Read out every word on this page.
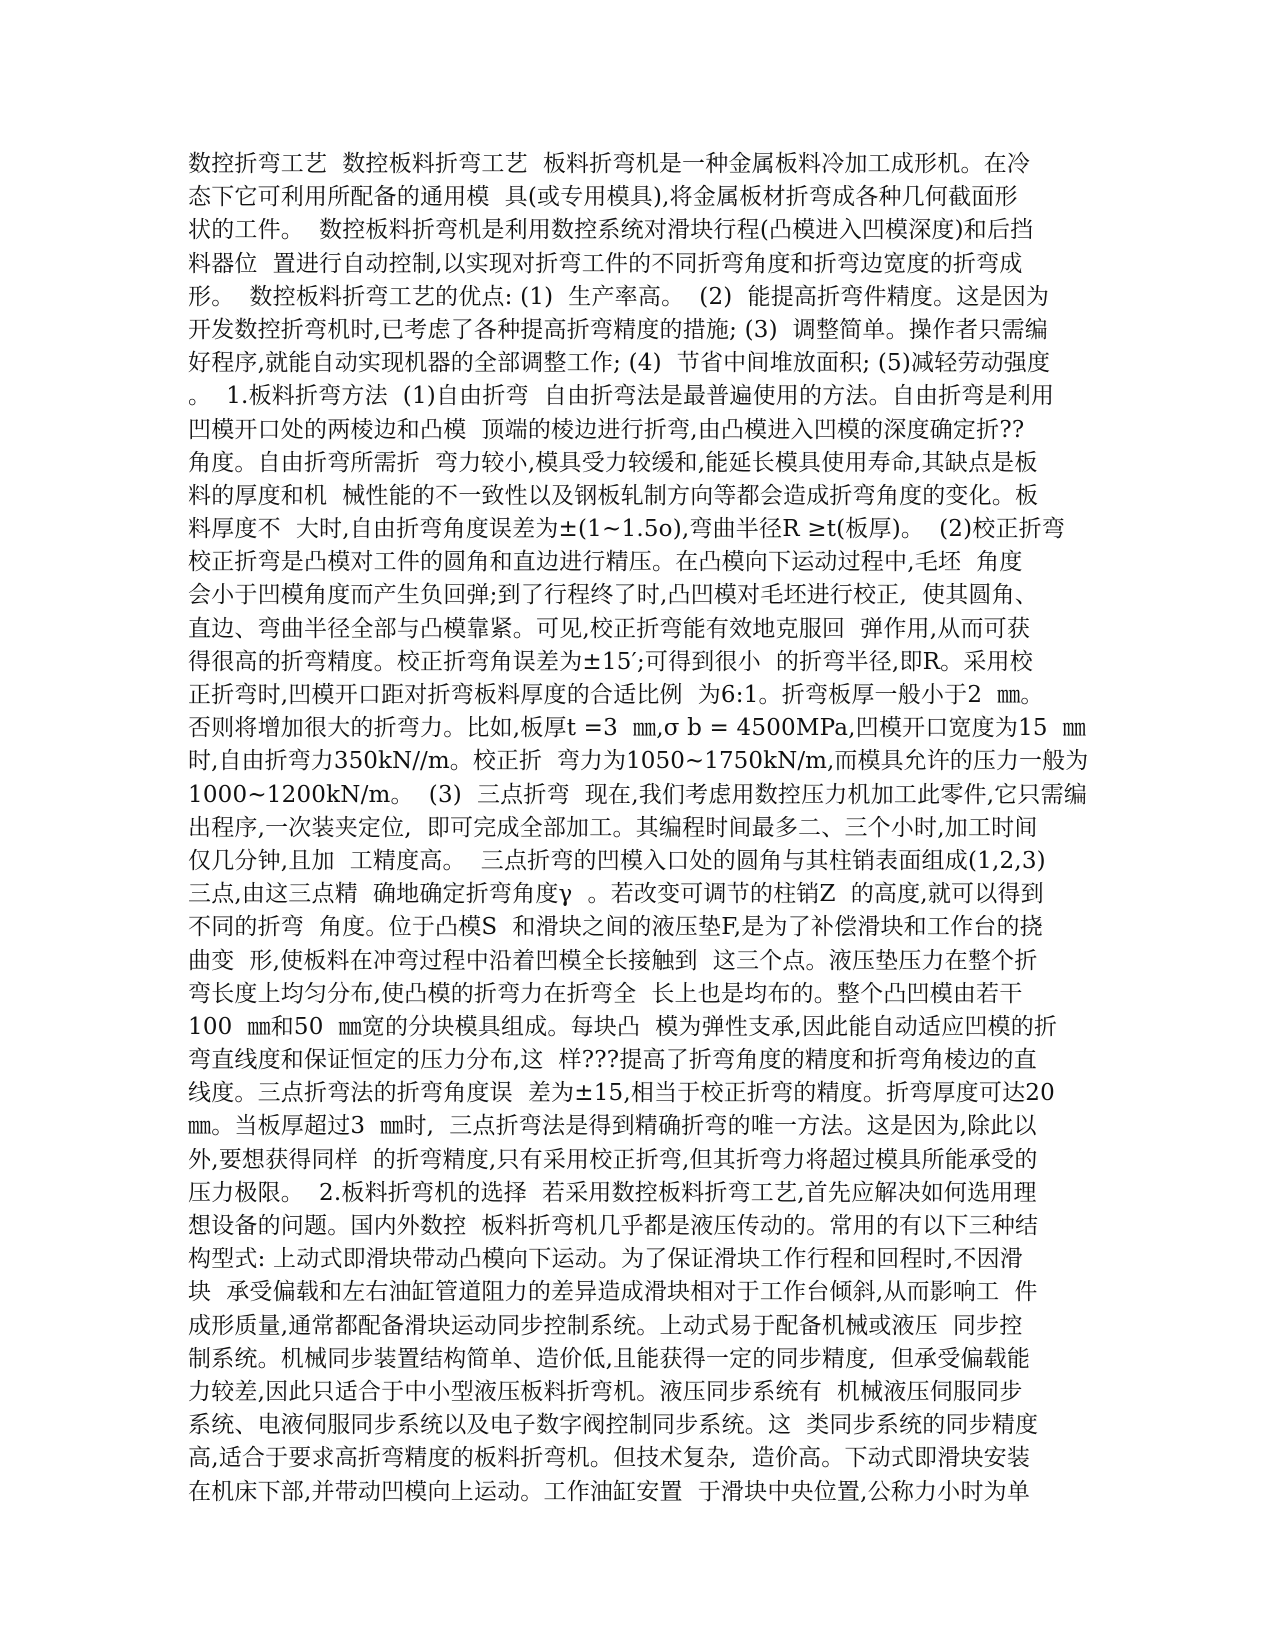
数控折弯工艺  数控板料折弯工艺  板料折弯机是一种金属板料冷加工成形机。在冷
态下它可利用所配备的通用模  具(或专用模具),将金属板材折弯成各种几何截面形
状的工件。  数控板料折弯机是利用数控系统对滑块行程(凸模进入凹模深度)和后挡
料器位  置进行自动控制,以实现对折弯工件的不同折弯角度和折弯边宽度的折弯成
形。  数控板料折弯工艺的优点: (1)  生产率高。  (2)  能提高折弯件精度。这是因为
开发数控折弯机时,已考虑了各种提高折弯精度的措施; (3)  调整简单。操作者只需编
好程序,就能自动实现机器的全部调整工作; (4)  节省中间堆放面积; (5)减轻劳动强度
。  1.板料折弯方法  (1)自由折弯  自由折弯法是最普遍使用的方法。自由折弯是利用
凹模开口处的两棱边和凸模  顶端的棱边进行折弯,由凸模进入凹模的深度确定折??
角度。自由折弯所需折  弯力较小,模具受力较缓和,能延长模具使用寿命,其缺点是板
料的厚度和机  械性能的不一致性以及钢板轧制方向等都会造成折弯角度的变化。板
料厚度不  大时,自由折弯角度误差为±(1~1.5o),弯曲半径R ≥t(板厚)。  (2)校正折弯
校正折弯是凸模对工件的圆角和直边进行精压。在凸模向下运动过程中,毛坯  角度
会小于凹模角度而产生负回弹;到了行程终了时,凸凹模对毛坯进行校正,  使其圆角、
直边、弯曲半径全部与凸模靠紧。可见,校正折弯能有效地克服回  弹作用,从而可获
得很高的折弯精度。校正折弯角误差为±15′;可得到很小  的折弯半径,即R。采用校
正折弯时,凹模开口距对折弯板料厚度的合适比例  为6:1。折弯板厚一般小于2  ㎜。
否则将增加很大的折弯力。比如,板厚t =3  ㎜,σ b = 4500MPa,凹模开口宽度为15  ㎜
时,自由折弯力350kN//m。校正折  弯力为1050~1750kN/m,而模具允许的压力一般为
1000~1200kN/m。  (3)  三点折弯  现在,我们考虑用数控压力机加工此零件,它只需编
出程序,一次装夹定位,  即可完成全部加工。其编程时间最多二、三个小时,加工时间
仅几分钟,且加  工精度高。  三点折弯的凹模入口处的圆角与其柱销表面组成(1,2,3)
三点,由这三点精  确地确定折弯角度γ  。若改变可调节的柱销Z  的高度,就可以得到
不同的折弯  角度。位于凸模S  和滑块之间的液压垫F,是为了补偿滑块和工作台的挠
曲变  形,使板料在冲弯过程中沿着凹模全长接触到  这三个点。液压垫压力在整个折
弯长度上均匀分布,使凸模的折弯力在折弯全  长上也是均布的。整个凸凹模由若干
100  ㎜和50  ㎜宽的分块模具组成。每块凸  模为弹性支承,因此能自动适应凹模的折
弯直线度和保证恒定的压力分布,这  样???提高了折弯角度的精度和折弯角棱边的直
线度。三点折弯法的折弯角度误  差为±15,相当于校正折弯的精度。折弯厚度可达20
㎜。当板厚超过3  ㎜时,  三点折弯法是得到精确折弯的唯一方法。这是因为,除此以
外,要想获得同样  的折弯精度,只有采用校正折弯,但其折弯力将超过模具所能承受的
压力极限。  2.板料折弯机的选择  若采用数控板料折弯工艺,首先应解决如何选用理
想设备的问题。国内外数控  板料折弯机几乎都是液压传动的。常用的有以下三种结
构型式: 上动式即滑块带动凸模向下运动。为了保证滑块工作行程和回程时,不因滑
块  承受偏载和左右油缸管道阻力的差异造成滑块相对于工作台倾斜,从而影响工  件
成形质量,通常都配备滑块运动同步控制系统。上动式易于配备机械或液压  同步控
制系统。机械同步装置结构简单、造价低,且能获得一定的同步精度,  但承受偏载能
力较差,因此只适合于中小型液压板料折弯机。液压同步系统有  机械液压伺服同步
系统、电液伺服同步系统以及电子数字阀控制同步系统。这  类同步系统的同步精度
高,适合于要求高折弯精度的板料折弯机。但技术复杂,  造价高。下动式即滑块安装
在机床下部,并带动凹模向上运动。工作油缸安置  于滑块中央位置,公称力小时为单
